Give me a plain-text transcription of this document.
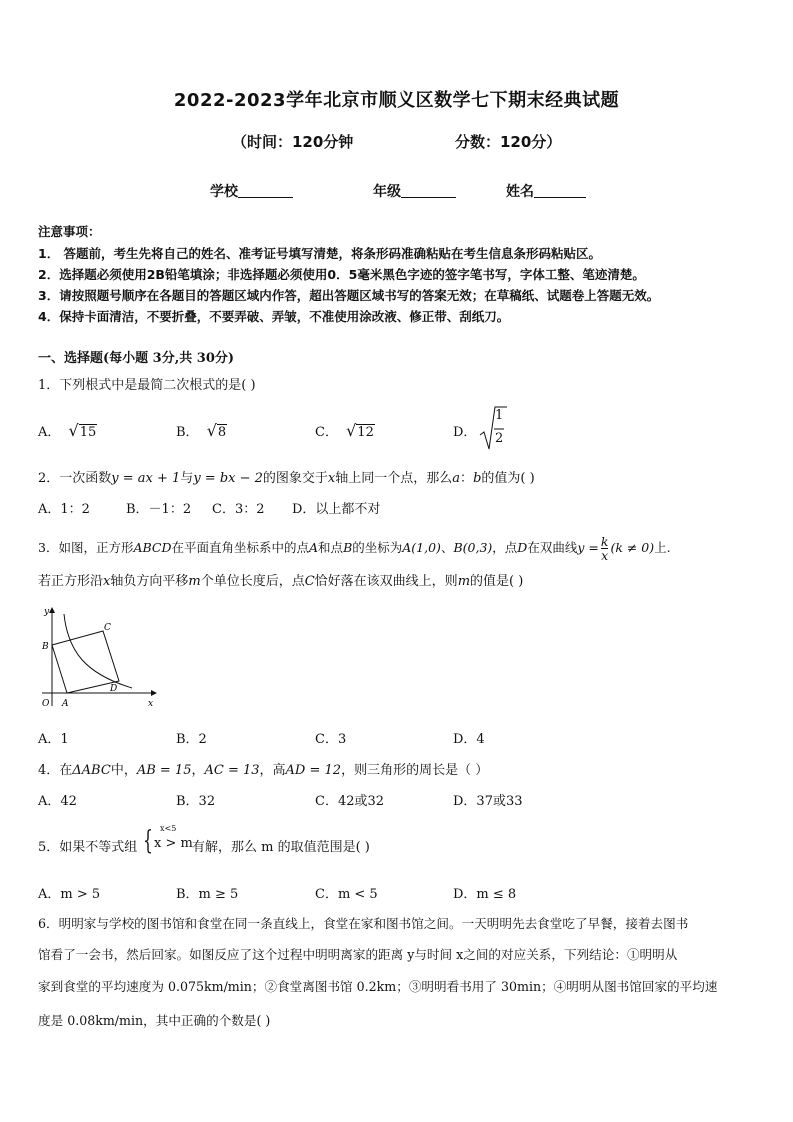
2022-2023学年北京市顺义区数学七下期末经典试题
（时间：120分钟	分数：120分）
学校	年级	姓名
注意事项：
1． 答题前，考生先将自己的姓名、准考证号填写清楚，将条形码准确粘贴在考生信息条形码粘贴区。
2．选择题必须使用2B铅笔填涂；非选择题必须使用0．5毫米黑色字迹的签字笔书写，字体工整、笔迹清楚。
3．请按照题号顺序在各题目的答题区域内作答，超出答题区域书写的答案无效；在草稿纸、试题卷上答题无效。
4．保持卡面清洁，不要折叠，不要弄破、弄皱，不准使用涂改液、修正带、刮纸刀。
一、选择题(每小题 3分,共 30分)
1．下列根式中是最简二次根式的是( )
A． √15	B． √8	C． √12	D．
1
2
2．一次函数y = ax + 1与y = bx − 2的图象交于x轴上同一个点，那么a：b的值为( )
A．1：2	B．－1：2 C．3：2 D．以上都不对
3．如图，正方形ABCD在平面直角坐标系中的点A和点B的坐标为A(1,0)、B(0,3)，点D在双曲线$y = \frac{k}{x} (k \ne 0)$上.
若正方形沿x轴负方向平移m个单位长度后，点C恰好落在该双曲线上，则m的值是( )
y
x
B
C
D
O A
A．1	B．2	C．3	D．4
4．在ΔABC中，AB = 15，AC = 13，高AD = 12，则三角形的周长是（ ）
A．42	B．32	C．42或32	D．37或33
5．如果不等式组 { x<5
x > m 有解，那么 m 的取值范围是( )
A．m > 5	B．m ≥ 5	C．m < 5	D．m ≤ 8
6．明明家与学校的图书馆和食堂在同一条直线上，食堂在家和图书馆之间。一天明明先去食堂吃了早餐，接着去图书
馆看了一会书，然后回家。如图反应了这个过程中明明离家的距离 y与时间 x之间的对应关系，下列结论：①明明从
家到食堂的平均速度为 0.075km/min；②食堂离图书馆 0.2km；③明明看书用了 30min；④明明从图书馆回家的平均速
度是 0.08km/min，其中正确的个数是( )
